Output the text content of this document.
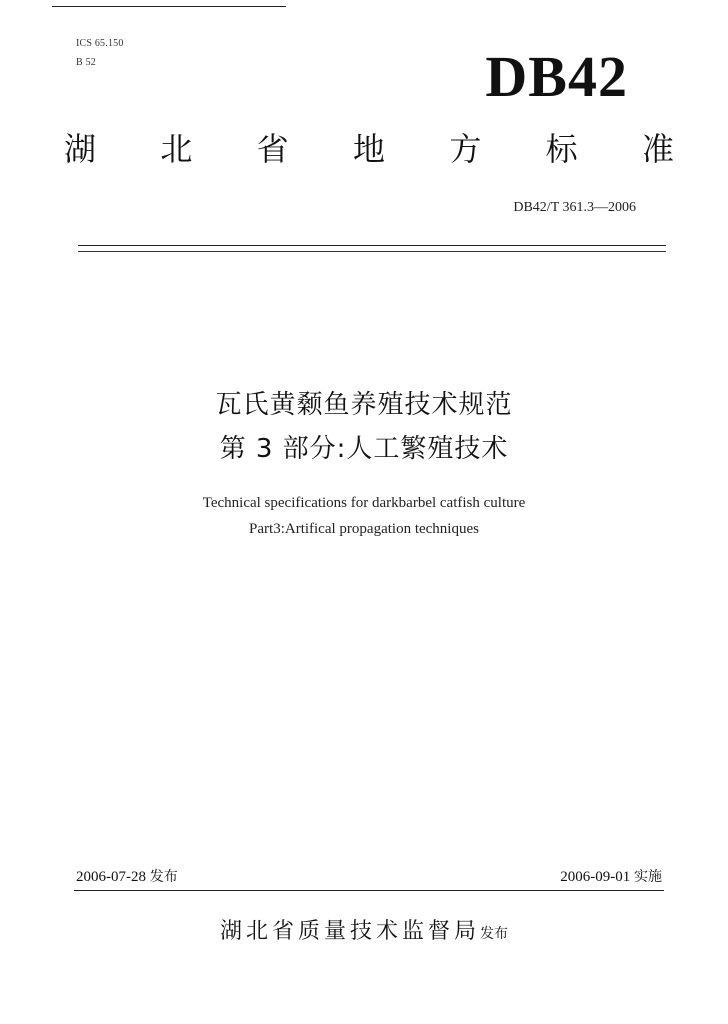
ICS 65.150
B 52	DB42
湖 北 省 地 方 标 准
DB42/T 361.3—2006
瓦氏黄颡鱼养殖技术规范
第 3 部分:人工繁殖技术
Technical specifications for darkbarbel catfish culture
Part3:Artifical propagation techniques
2006-07-28 发布	2006-09-01 实施
湖北省质量技术监督局发布
